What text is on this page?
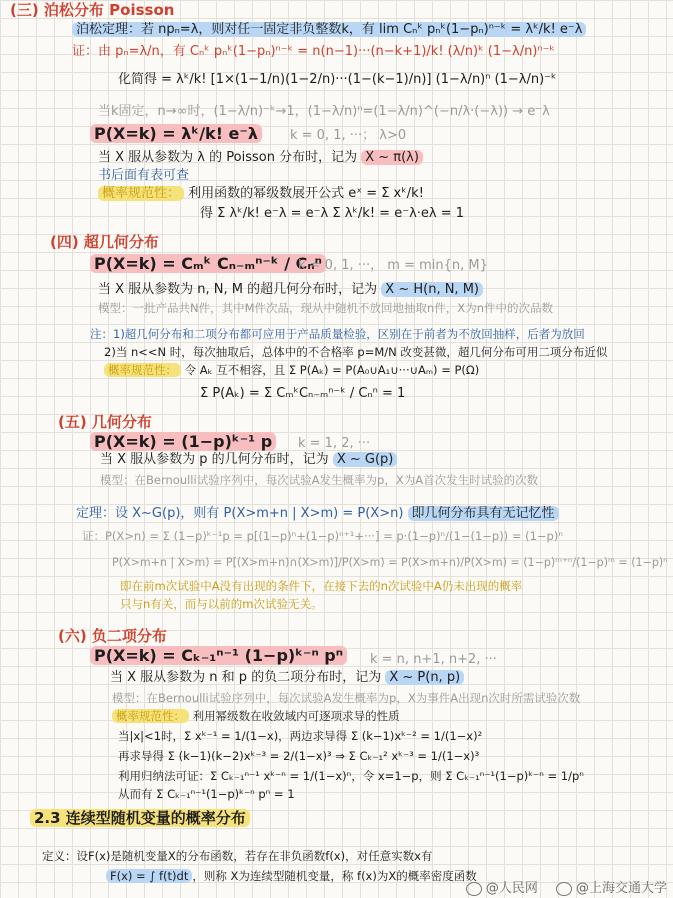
(三) 泊松分布 Poisson
泊松定理：若 npₙ=λ，则对任一固定非负整数k，有 lim Cₙᵏ pₙᵏ(1−pₙ)ⁿ⁻ᵏ = λᵏ/k! e⁻λ
证：由 pₙ=λ/n，有 Cₙᵏ pₙᵏ(1−pₙ)ⁿ⁻ᵏ = n(n−1)···(n−k+1)/k! (λ/n)ᵏ (1−λ/n)ⁿ⁻ᵏ
化简得 = λᵏ/k! [1×(1−1/n)(1−2/n)···(1−(k−1)/n)] (1−λ/n)ⁿ (1−λ/n)⁻ᵏ
当k固定，n→∞时，(1−λ/n)⁻ᵏ→1，(1−λ/n)ⁿ=(1−λ/n)^(−n/λ·(−λ)) → e⁻λ
P(X=k) = λᵏ/k! e⁻λ	k = 0, 1, ···； λ>0
当 X 服从参数为 λ 的 Poisson 分布时，记为 X ~ π(λ)
书后面有表可查
概率规范性： 利用函数的幂级数展开公式 eˣ = Σ xᵏ/k!
得 Σ λᵏ/k! e⁻λ = e⁻λ Σ λᵏ/k! = e⁻λ·eλ = 1
(四) 超几何分布
P(X=k) = Cₘᵏ Cₙ₋ₘⁿ⁻ᵏ / Cₙⁿ
k = 0, 1, ···， m = min{n, M}
当 X 服从参数为 n, N, M 的超几何分布时，记为 X ~ H(n, N, M)
模型：一批产品共N件，其中M件次品，现从中随机不放回地抽取n件，X为n件中的次品数
注：1)超几何分布和二项分布都可应用于产品质量检验，区别在于前者为不放回抽样，后者为放回
2)当 n<<N 时，每次抽取后，总体中的不合格率 p=M/N 改变甚微，超几何分布可用二项分布近似
概率规范性： 令 Aₖ 互不相容，且 Σ P(Aₖ) = P(A₀∪A₁∪···∪Aₘ) = P(Ω)
Σ P(Aₖ) = Σ CₘᵏCₙ₋ₘⁿ⁻ᵏ / Cₙⁿ = 1
(五) 几何分布
P(X=k) = (1−p)ᵏ⁻¹ p	k = 1, 2, ···
当 X 服从参数为 p 的几何分布时，记为 X ~ G(p)
模型：在Bernoulli试验序列中，每次试验A发生概率为p，X为A首次发生时试验的次数
定理：设 X~G(p)，则有 P(X>m+n | X>m) = P(X>n) 即几何分布具有无记忆性
证：P(X>n) = Σ (1−p)ᵏ⁻¹p = p[(1−p)ⁿ+(1−p)ⁿ⁺¹+···] = p·(1−p)ⁿ/(1−(1−p)) = (1−p)ⁿ
P(X>m+n | X>m) = P[(X>m+n)∩(X>m)]/P(X>m) = P(X>m+n)/P(X>m) = (1−p)ᵐ⁺ⁿ/(1−p)ᵐ = (1−p)ⁿ
即在前m次试验中A没有出现的条件下，在接下去的n次试验中A仍未出现的概率
只与n有关，而与以前的m次试验无关。
(六) 负二项分布
P(X=k) = Cₖ₋₁ⁿ⁻¹ (1−p)ᵏ⁻ⁿ pⁿ	k = n, n+1, n+2, ···
当 X 服从参数为 n 和 p 的负二项分布时，记为 X ~ P(n, p)
模型：在Bernoulli试验序列中，每次试验A发生概率为p，X为事件A出现n次时所需试验次数
概率规范性： 利用幂级数在收敛域内可逐项求导的性质
当|x|<1时，Σ xᵏ⁻¹ = 1/(1−x)，两边求导得 Σ (k−1)xᵏ⁻² = 1/(1−x)²
再求导得 Σ (k−1)(k−2)xᵏ⁻³ = 2/(1−x)³ ⇒ Σ Cₖ₋₁² xᵏ⁻³ = 1/(1−x)³
利用归纳法可证：Σ Cₖ₋₁ⁿ⁻¹ xᵏ⁻ⁿ = 1/(1−x)ⁿ，令 x=1−p，则 Σ Cₖ₋₁ⁿ⁻¹(1−p)ᵏ⁻ⁿ = 1/pⁿ
从而有 Σ Cₖ₋₁ⁿ⁻¹(1−p)ᵏ⁻ⁿ pⁿ = 1
2.3 连续型随机变量的概率分布
定义：设F(x)是随机变量X的分布函数，若存在非负函数f(x)，对任意实数x有
F(x) = ∫ f(t)dt ，则称 X为连续型随机变量，称 f(x)为X的概率密度函数
@人民网	@上海交通大学
